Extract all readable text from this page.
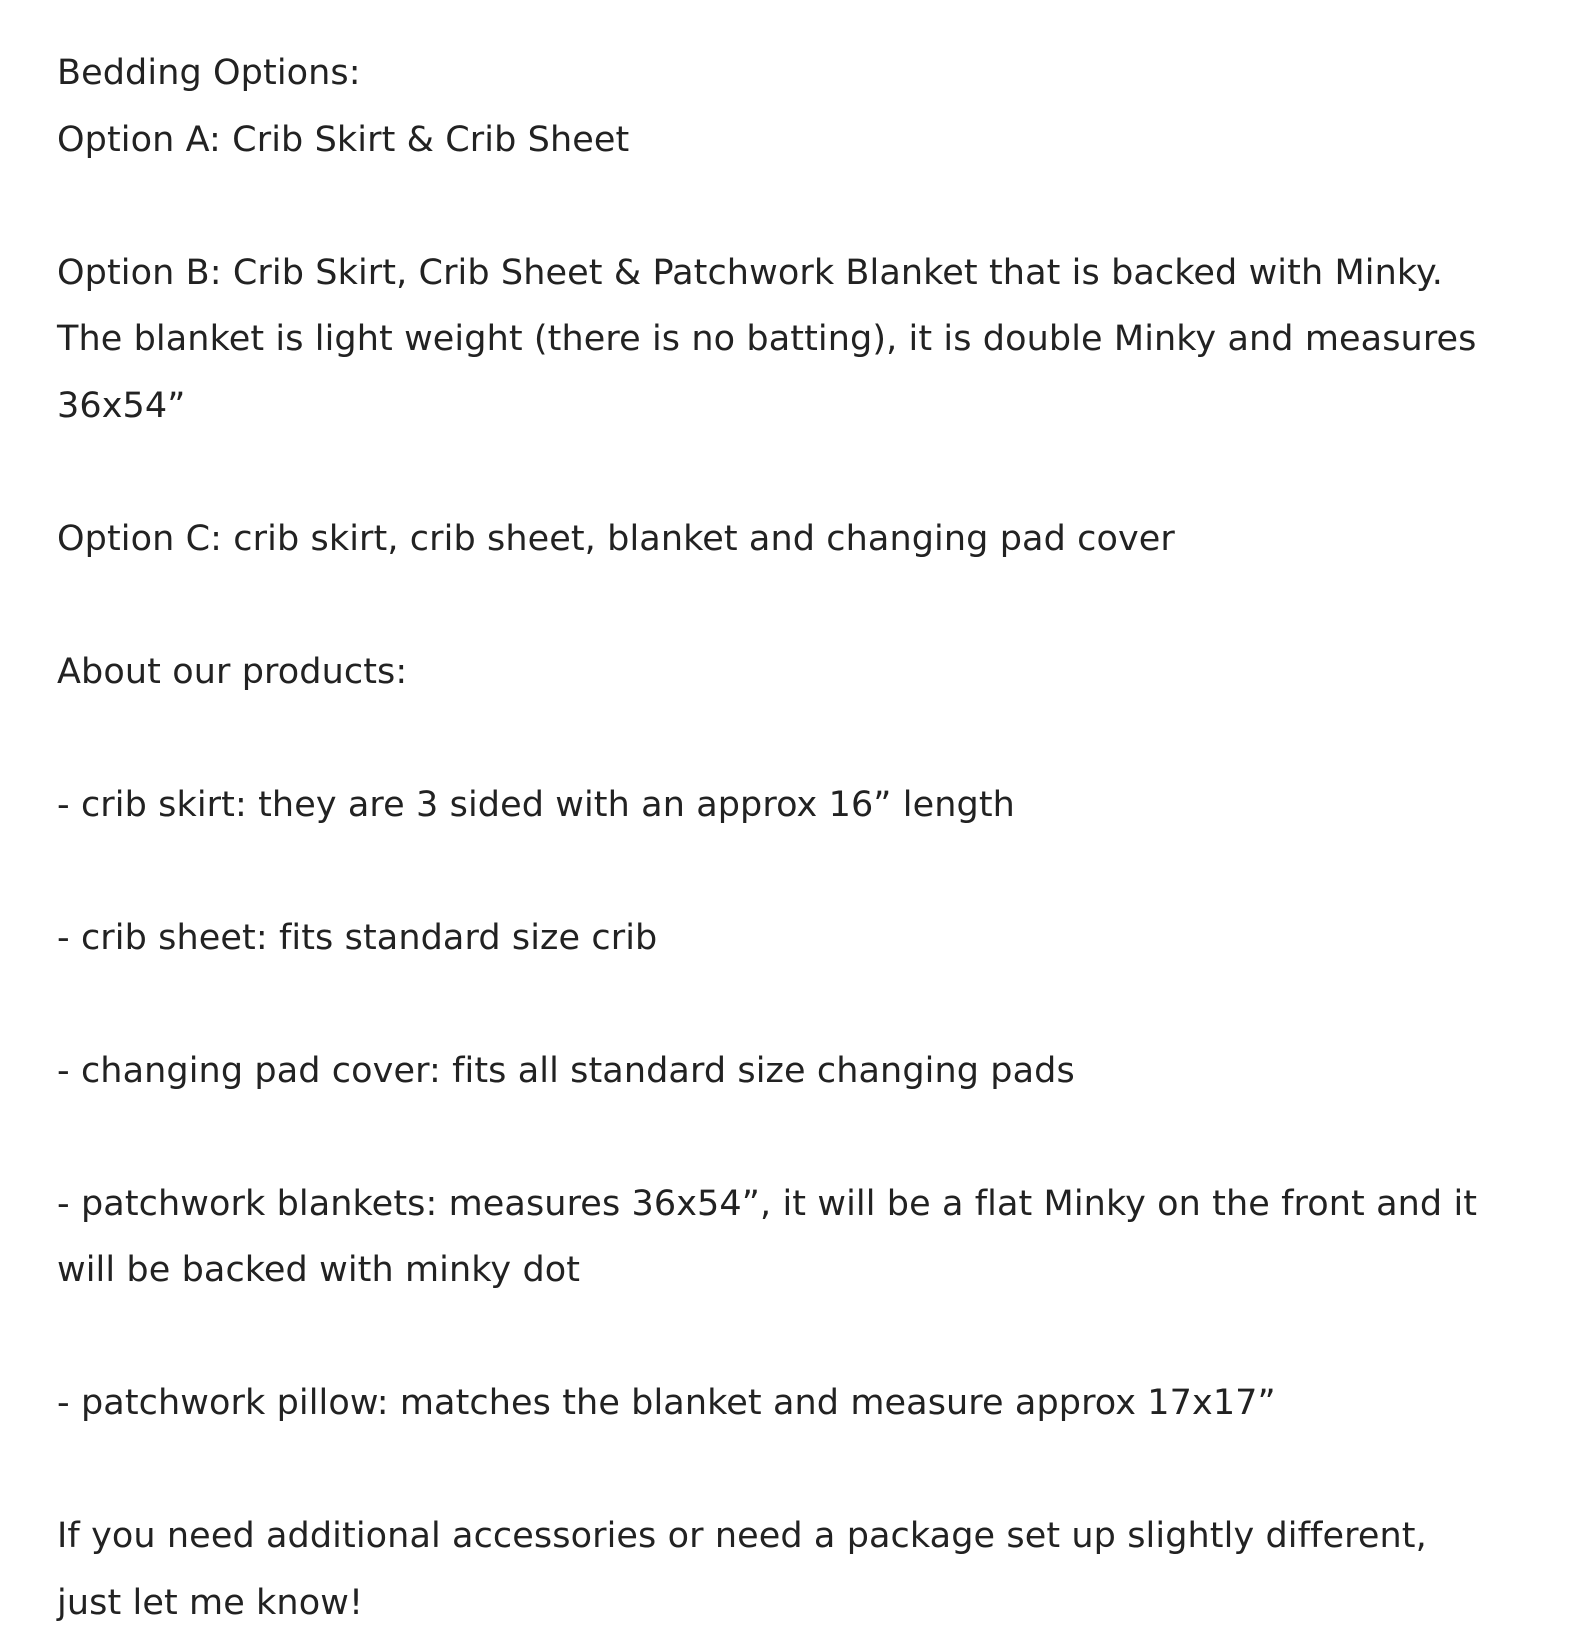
Bedding Options:
Option A: Crib Skirt & Crib Sheet
Option B: Crib Skirt, Crib Sheet & Patchwork Blanket that is backed with Minky.
The blanket is light weight (there is no batting), it is double Minky and measures
36x54”
Option C: crib skirt, crib sheet, blanket and changing pad cover
About our products:
- crib skirt: they are 3 sided with an approx 16” length
- crib sheet: fits standard size crib
- changing pad cover: fits all standard size changing pads
- patchwork blankets: measures 36x54”, it will be a flat Minky on the front and it
will be backed with minky dot
- patchwork pillow: matches the blanket and measure approx 17x17”
If you need additional accessories or need a package set up slightly different,
just let me know!
